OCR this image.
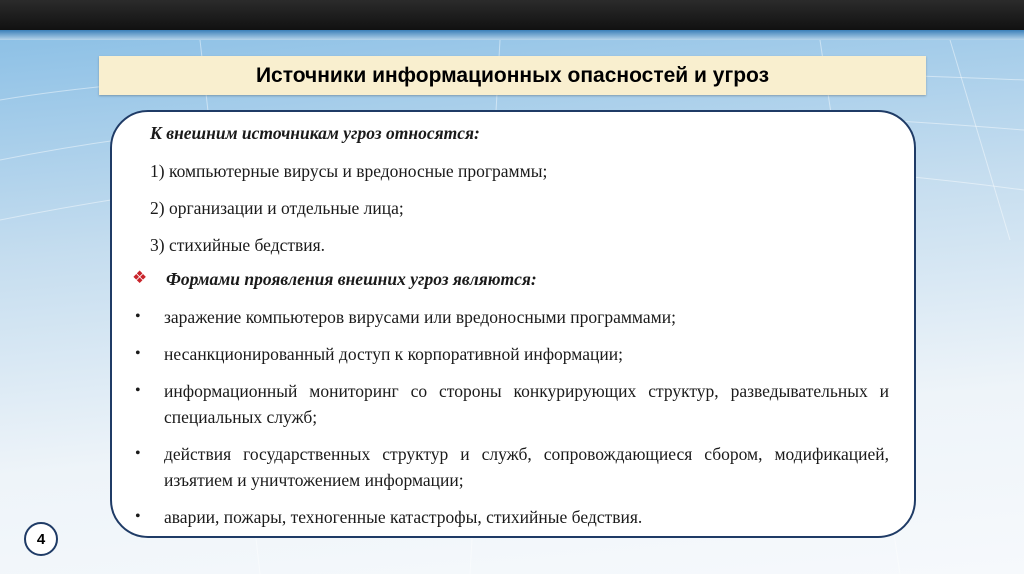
Источники информационных опасностей и угроз
К внешним источникам угроз относятся:
1) компьютерные вирусы и вредоносные программы;
2) организации и отдельные лица;
3) стихийные бедствия.
❖ Формами проявления внешних угроз являются:
• заражение компьютеров вирусами или вредоносными программами;
• несанкционированный доступ к корпоративной информации;
• информационный мониторинг со стороны конкурирующих структур, разведывательных и специальных служб;
• действия государственных структур и служб, сопровождающиеся сбором, модификацией, изъятием и уничтожением информации;
• аварии, пожары, техногенные катастрофы, стихийные бедствия.
4
